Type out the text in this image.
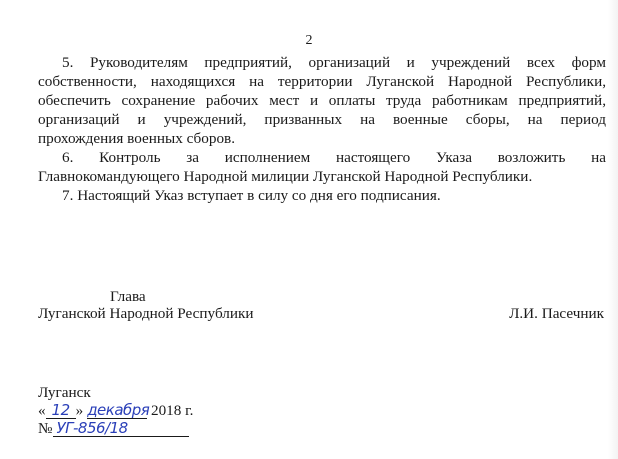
2
5. Руководителям предприятий, организаций и учреждений всех форм
собственности, находящихся на территории Луганской Народной Республики,
обеспечить сохранение рабочих мест и оплаты труда работникам предприятий,
организаций и учреждений, призванных на военные сборы, на период
прохождения военных сборов.
6. Контроль за исполнением настоящего Указа возложить на
Главнокомандующего Народной милиции Луганской Народной Республики.
7. Настоящий Указ вступает в силу со дня его подписания.
Глава
Луганской Народной Республики	Л.И. Пасечник
Луганск
« 12 » декабря 2018 г.
№ УГ-856/18
